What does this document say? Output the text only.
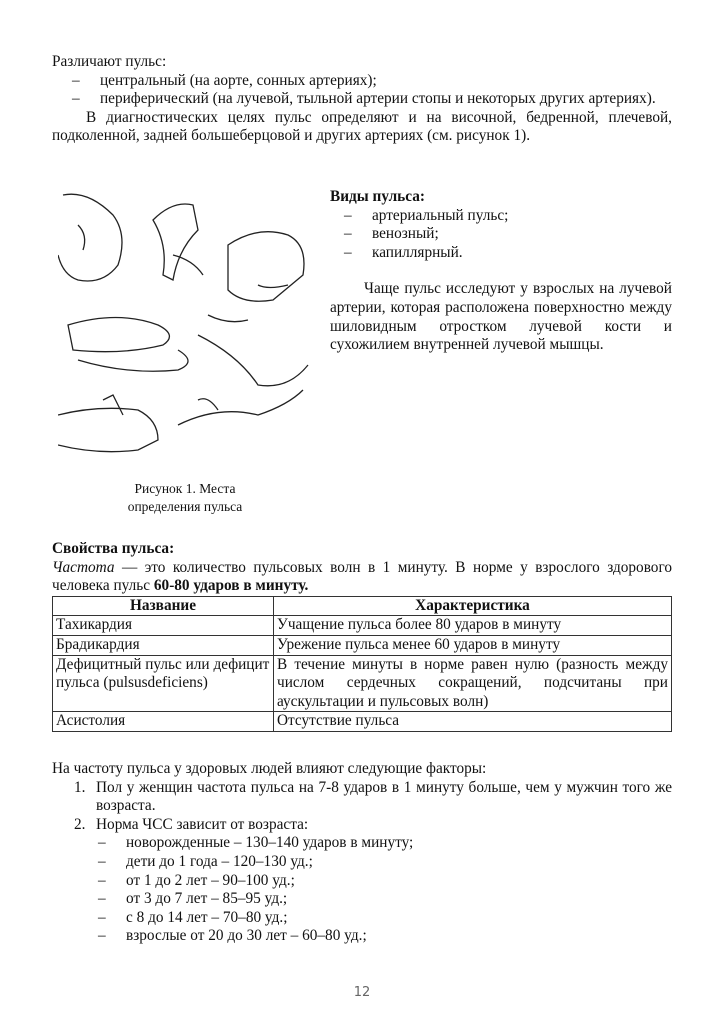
Различают пульс:

– центральный (на аорте, сонных артериях);

– периферический (на лучевой, тыльной артерии стопы и некоторых других артериях).

В диагностических целях пульс определяют и на височной, бедренной, плечевой, подколенной, задней большеберцовой и других артериях (см. рисунок 1).

Рисунок 1. Места

определения пульса

Виды пульса:

– артериальный пульс;

– венозный;

– капиллярный.

Чаще пульс исследуют у взрослых на лучевой артерии, которая расположена поверхностно между шиловидным отростком лучевой кости и сухожилием внутренней лучевой мышцы.

Свойства пульса:

Частота — это количество пульсовых волн в 1 минуту. В норме у взрослого здорового человека пульс 60-80 ударов в минуту.

Название	Характеристика
Тахикардия	Учащение пульса более 80 ударов в минуту
Брадикардия	Урежение пульса менее 60 ударов в минуту
Дефицитный пульс или дефицит пульса (pulsusdeficiens)	В течение минуты в норме равен нулю (разность между числом сердечных сокращений, подсчитаны при аускультации и пульсовых волн)
Асистолия	Отсутствие пульса

На частоту пульса у здоровых людей влияют следующие факторы:

1. Пол у женщин частота пульса на 7-8 ударов в 1 минуту больше, чем у мужчин того же возраста.

2. Норма ЧСС зависит от возраста:

– новорожденные – 130–140 ударов в минуту;

– дети до 1 года – 120–130 уд.;

– от 1 до 2 лет – 90–100 уд.;

– от 3 до 7 лет – 85–95 уд.;

– с 8 до 14 лет – 70–80 уд.;

– взрослые от 20 до 30 лет – 60–80 уд.;

12
